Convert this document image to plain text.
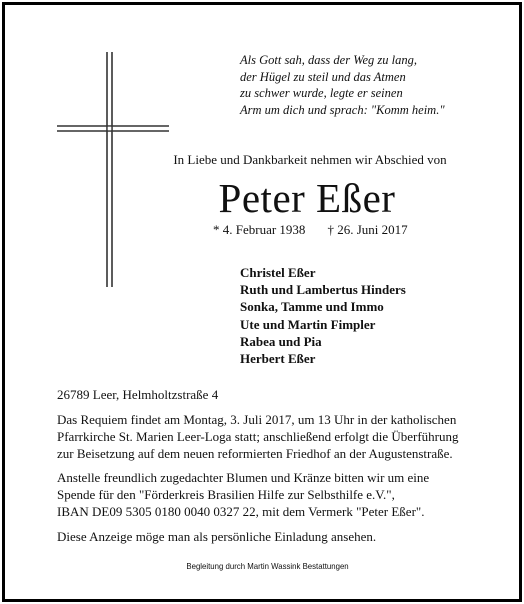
Als Gott sah, dass der Weg zu lang,
der Hügel zu steil und das Atmen
zu schwer wurde, legte er seinen
Arm um dich und sprach: "Komm heim."
In Liebe und Dankbarkeit nehmen wir Abschied von
Peter Eßer
* 4. Februar 1938 † 26. Juni 2017
Christel Eßer
Ruth und Lambertus Hinders
Sonka, Tamme und Immo
Ute und Martin Fimpler
Rabea und Pia
Herbert Eßer
26789 Leer, Helmholtzstraße 4
Das Requiem findet am Montag, 3. Juli 2017, um 13 Uhr in der katholischen
Pfarrkirche St. Marien Leer-Loga statt; anschließend erfolgt die Überführung
zur Beisetzung auf dem neuen reformierten Friedhof an der Augustenstraße.
Anstelle freundlich zugedachter Blumen und Kränze bitten wir um eine
Spende für den "Förderkreis Brasilien Hilfe zur Selbsthilfe e.V.",
IBAN DE09 5305 0180 0040 0327 22, mit dem Vermerk "Peter Eßer".
Diese Anzeige möge man als persönliche Einladung ansehen.
Begleitung durch Martin Wassink Bestattungen
